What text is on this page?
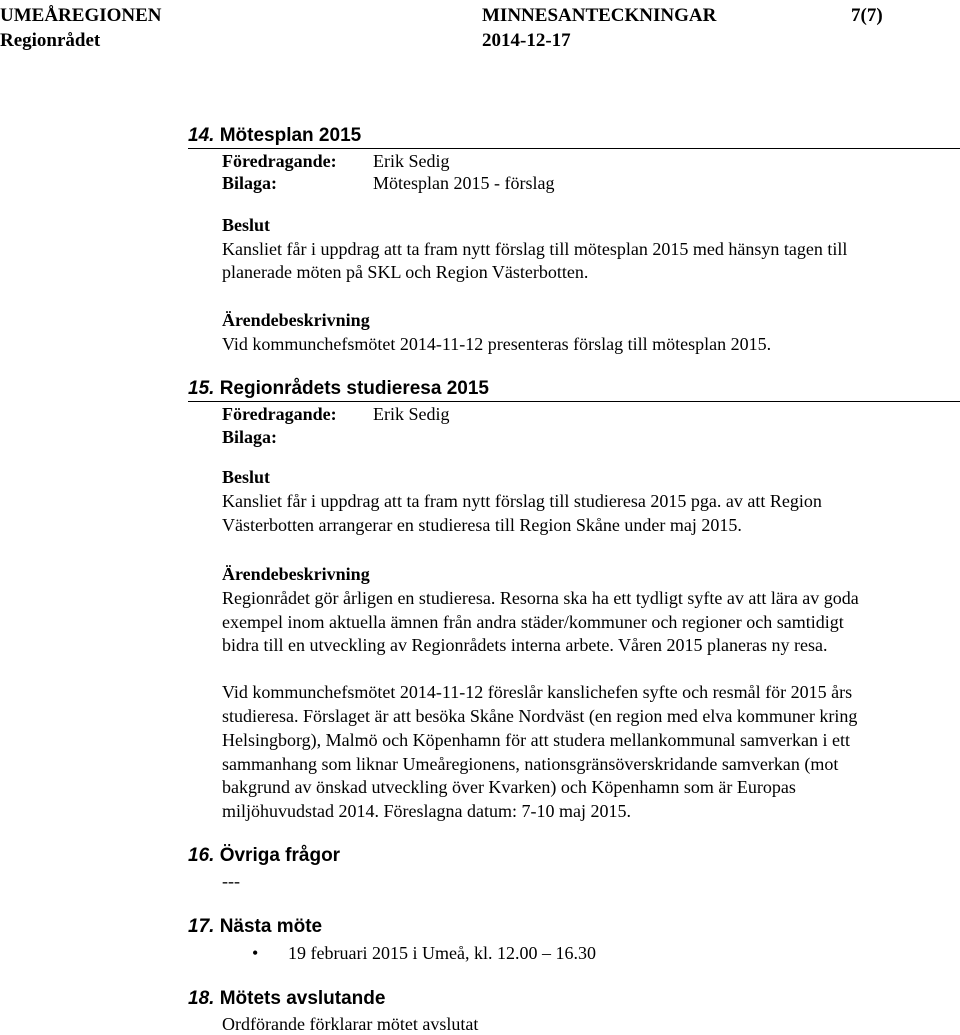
UMEÅREGIONEN	MINNESANTECKNINGAR	7(7)
Regionrådet	2014-12-17
14. Mötesplan 2015
Föredragande: Erik Sedig
Bilaga:	Mötesplan 2015 - förslag
Beslut
Kansliet får i uppdrag att ta fram nytt förslag till mötesplan 2015 med hänsyn tagen till
planerade möten på SKL och Region Västerbotten.
Ärendebeskrivning
Vid kommunchefsmötet 2014-11-12 presenteras förslag till mötesplan 2015.
15. Regionrådets studieresa 2015
Föredragande: Erik Sedig
Bilaga:
Beslut
Kansliet får i uppdrag att ta fram nytt förslag till studieresa 2015 pga. av att Region
Västerbotten arrangerar en studieresa till Region Skåne under maj 2015.
Ärendebeskrivning
Regionrådet gör årligen en studieresa. Resorna ska ha ett tydligt syfte av att lära av goda
exempel inom aktuella ämnen från andra städer/kommuner och regioner och samtidigt
bidra till en utveckling av Regionrådets interna arbete. Våren 2015 planeras ny resa.
Vid kommunchefsmötet 2014-11-12 föreslår kanslichefen syfte och resmål för 2015 års
studieresa. Förslaget är att besöka Skåne Nordväst (en region med elva kommuner kring
Helsingborg), Malmö och Köpenhamn för att studera mellankommunal samverkan i ett
sammanhang som liknar Umeåregionens, nationsgränsöverskridande samverkan (mot
bakgrund av önskad utveckling över Kvarken) och Köpenhamn som är Europas
miljöhuvudstad 2014. Föreslagna datum: 7-10 maj 2015.
16. Övriga frågor
---
17. Nästa möte
• 19 februari 2015 i Umeå, kl. 12.00 – 16.30
18. Mötets avslutande
Ordförande förklarar mötet avslutat
